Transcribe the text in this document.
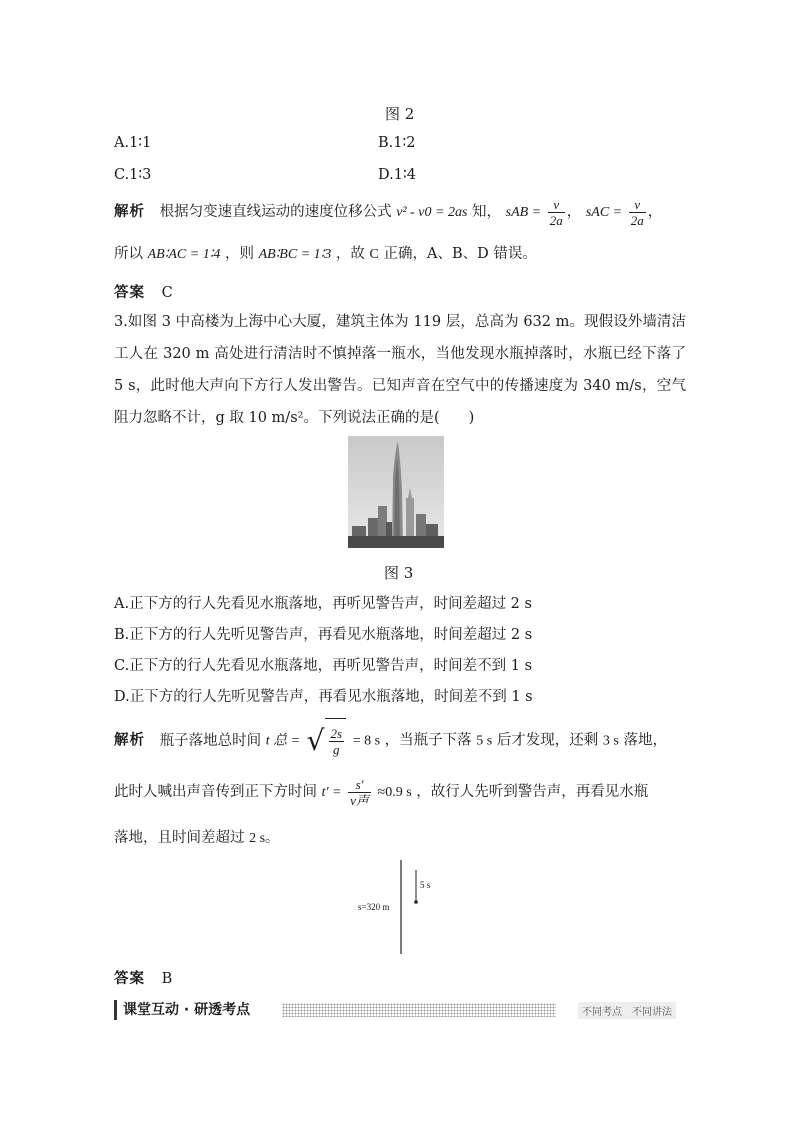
图 2
A.1∶1	B.1∶2
C.1∶3	D.1∶4
解析 根据匀变速直线运动的速度位移公式 v² - v0 = 2as 知， sAB = $\frac{v}{2a}$ ， sAC = $\frac{v}{2a}$ ，
所以 AB∶AC = 1∶4 ，则 AB∶BC = 1∶3 ，故 C 正确，A、B、D 错误。
答案 C
3.如图 3 中高楼为上海中心大厦，建筑主体为 119 层，总高为 632 m。现假设外墙清洁工人在 320 m 高处进行清洁时不慎掉落一瓶水，当他发现水瓶掉落时，水瓶已经下落了 5 s，此时他大声向下方行人发出警告。已知声音在空气中的传播速度为 340 m/s，空气阻力忽略不计，g 取 10 m/s²。下列说法正确的是(　　)
图 3
A.正下方的行人先看见水瓶落地，再听见警告声，时间差超过 2 s
B.正下方的行人先听见警告声，再看见水瓶落地，时间差超过 2 s
C.正下方的行人先看见水瓶落地，再听见警告声，时间差不到 1 s
D.正下方的行人先听见警告声，再看见水瓶落地，时间差不到 1 s
解析 瓶子落地总时间 t 总 = √ $\frac{2s}{g} = 8$ s ，当瓶子下落 5 s 后才发现，还剩 3 s 落地，
此时人喊出声音传到正下方时间 $t' = \frac{s'}{\text{v声}} \approx 0.9$ s ，故行人先听到警告声，再看见水瓶
落地，且时间差超过 2 s。
s=320 m
5 s
答案 B
课堂互动 · 研透考点	不同考点　不同讲法
